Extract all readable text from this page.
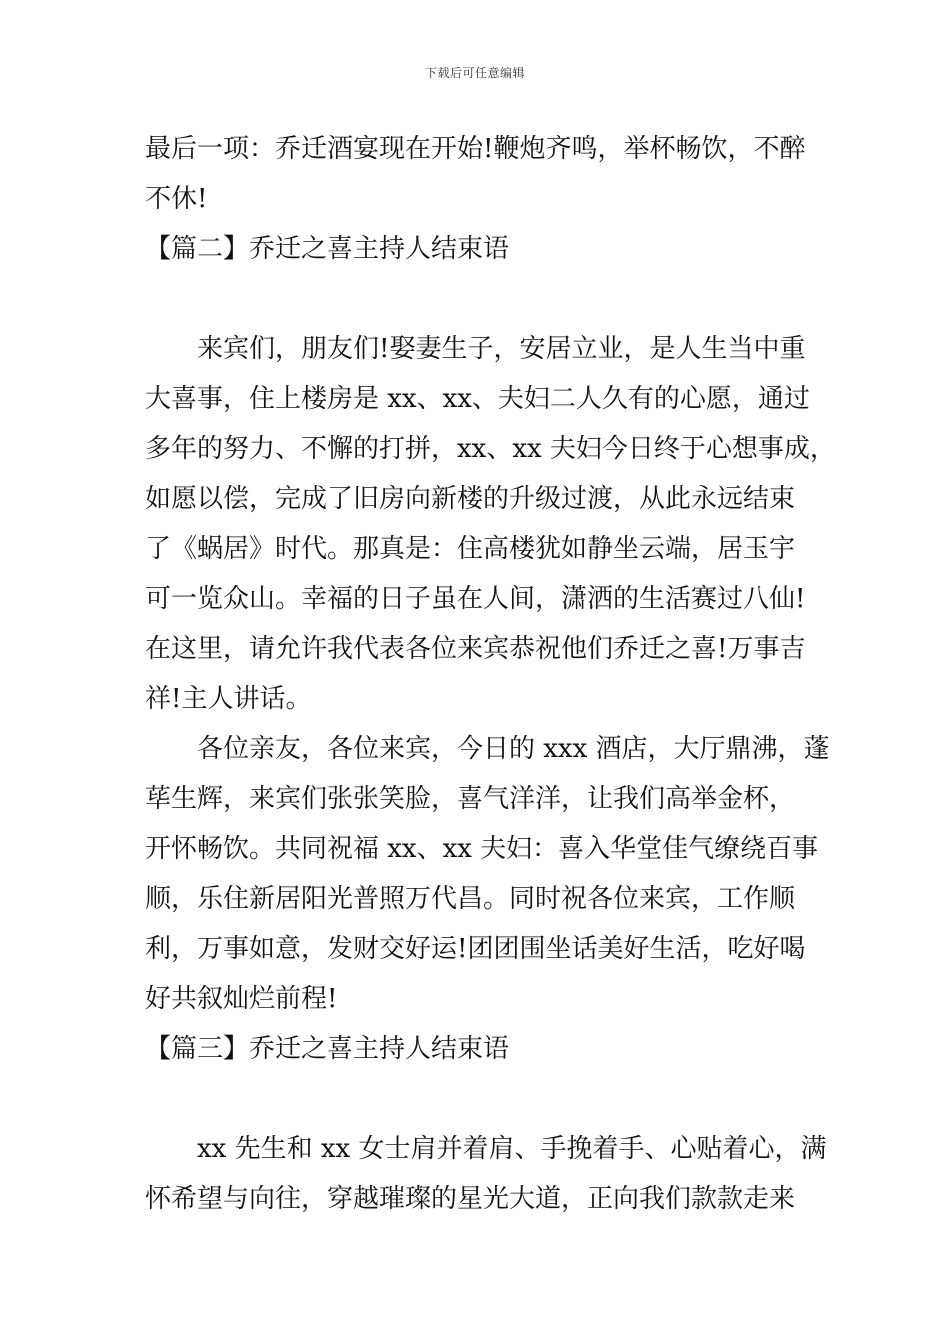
下载后可任意编辑
最后一项：乔迁酒宴现在开始!鞭炮齐鸣，举杯畅饮，不醉
不休!
【篇二】乔迁之喜主持人结束语
来宾们，朋友们!娶妻生子，安居立业，是人生当中重
大喜事，住上楼房是 xx、xx、夫妇二人久有的心愿，通过
多年的努力、不懈的打拼，xx、xx 夫妇今日终于心想事成，
如愿以偿，完成了旧房向新楼的升级过渡，从此永远结束
了《蜗居》时代。那真是：住高楼犹如静坐云端，居玉宇
可一览众山。幸福的日子虽在人间，潇洒的生活赛过八仙!
在这里，请允许我代表各位来宾恭祝他们乔迁之喜!万事吉
祥!主人讲话。
各位亲友，各位来宾，今日的 xxx 酒店，大厅鼎沸，蓬
荜生辉，来宾们张张笑脸，喜气洋洋，让我们高举金杯，
开怀畅饮。共同祝福 xx、xx 夫妇：喜入华堂佳气缭绕百事
顺，乐住新居阳光普照万代昌。同时祝各位来宾，工作顺
利，万事如意，发财交好运!团团围坐话美好生活，吃好喝
好共叙灿烂前程!
【篇三】乔迁之喜主持人结束语
xx 先生和 xx 女士肩并着肩、手挽着手、心贴着心，满
怀希望与向往，穿越璀璨的星光大道，正向我们款款走来
